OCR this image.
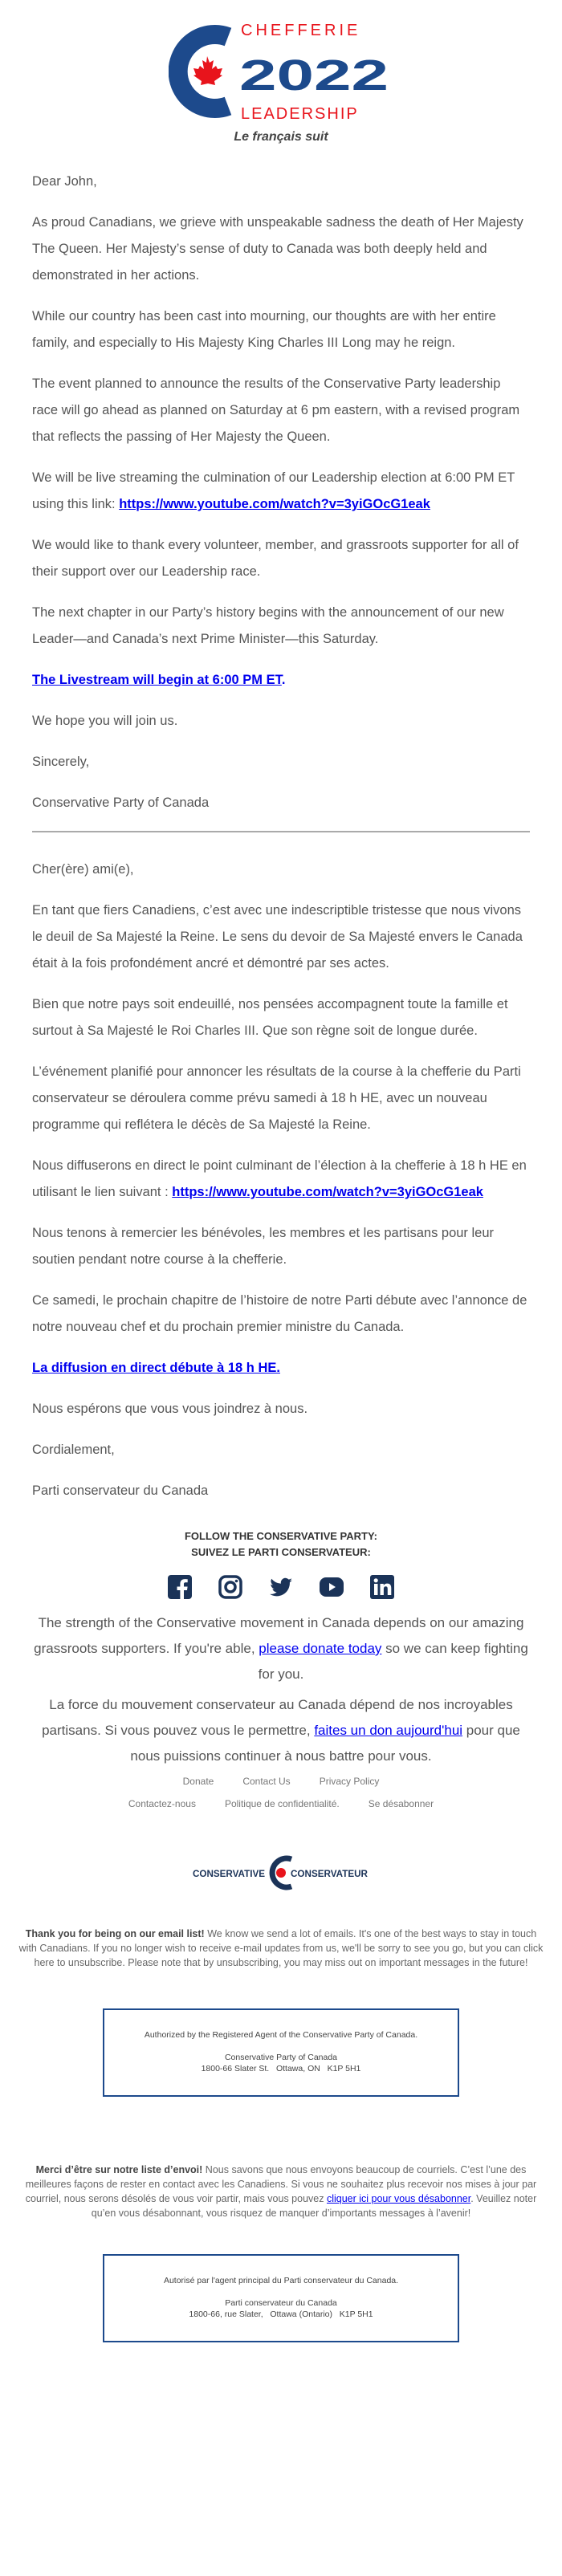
CHEFFERIE
2022
LEADERSHIP
Le français suit

Dear John,

As proud Canadians, we grieve with unspeakable sadness the death of Her Majesty The Queen. Her Majesty’s sense of duty to Canada was both deeply held and demonstrated in her actions.

While our country has been cast into mourning, our thoughts are with her entire family, and especially to His Majesty King Charles III Long may he reign.

The event planned to announce the results of the Conservative Party leadership race will go ahead as planned on Saturday at 6 pm eastern, with a revised program that reflects the passing of Her Majesty the Queen.

We will be live streaming the culmination of our Leadership election at 6:00 PM ET using this link: https://www.youtube.com/watch?v=3yiGOcG1eak

We would like to thank every volunteer, member, and grassroots supporter for all of their support over our Leadership race.

The next chapter in our Party’s history begins with the announcement of our new Leader—and Canada’s next Prime Minister—this Saturday.

The Livestream will begin at 6:00 PM ET.

We hope you will join us.

Sincerely,

Conservative Party of Canada

Cher(ère) ami(e),

En tant que fiers Canadiens, c’est avec une indescriptible tristesse que nous vivons le deuil de Sa Majesté la Reine. Le sens du devoir de Sa Majesté envers le Canada était à la fois profondément ancré et démontré par ses actes.

Bien que notre pays soit endeuillé, nos pensées accompagnent toute la famille et surtout à Sa Majesté le Roi Charles III. Que son règne soit de longue durée.

L’événement planifié pour annoncer les résultats de la course à la chefferie du Parti conservateur se déroulera comme prévu samedi à 18 h HE, avec un nouveau programme qui reflétera le décès de Sa Majesté la Reine.

Nous diffuserons en direct le point culminant de l’élection à la chefferie à 18 h HE en utilisant le lien suivant : https://www.youtube.com/watch?v=3yiGOcG1eak

Nous tenons à remercier les bénévoles, les membres et les partisans pour leur soutien pendant notre course à la chefferie.

Ce samedi, le prochain chapitre de l’histoire de notre Parti débute avec l’annonce de notre nouveau chef et du prochain premier ministre du Canada.

La diffusion en direct débute à 18 h HE.

Nous espérons que vous vous joindrez à nous.

Cordialement,

Parti conservateur du Canada

FOLLOW THE CONSERVATIVE PARTY:
SUIVEZ LE PARTI CONSERVATEUR:

The strength of the Conservative movement in Canada depends on our amazing grassroots supporters. If you're able, please donate today so we can keep fighting for you.

La force du mouvement conservateur au Canada dépend de nos incroyables partisans. Si vous pouvez vous le permettre, faites un don aujourd'hui pour que nous puissions continuer à nous battre pour vous.

Donate	Contact Us	Privacy Policy
Contactez-nous	Politique de confidentialité.	Se désabonner
CONSERVATIVE	CONSERVATEUR

Thank you for being on our email list! We know we send a lot of emails. It's one of the best ways to stay in touch with Canadians. If you no longer wish to receive e-mail updates from us, we'll be sorry to see you go, but you can click here to unsubscribe. Please note that by unsubscribing, you may miss out on important messages in the future!

Authorized by the Registered Agent of the Conservative Party of Canada.

Conservative Party of Canada

1800-66 Slater St.   Ottawa, ON   K1P 5H1

Merci d’être sur notre liste d’envoi! Nous savons que nous envoyons beaucoup de courriels. C’est l’une des meilleures façons de rester en contact avec les Canadiens. Si vous ne souhaitez plus recevoir nos mises à jour par courriel, nous serons désolés de vous voir partir, mais vous pouvez cliquer ici pour vous désabonner. Veuillez noter qu’en vous désabonnant, vous risquez de manquer d’importants messages à l’avenir!

Autorisé par l'agent principal du Parti conservateur du Canada.

Parti conservateur du Canada

1800-66, rue Slater,   Ottawa (Ontario)   K1P 5H1
